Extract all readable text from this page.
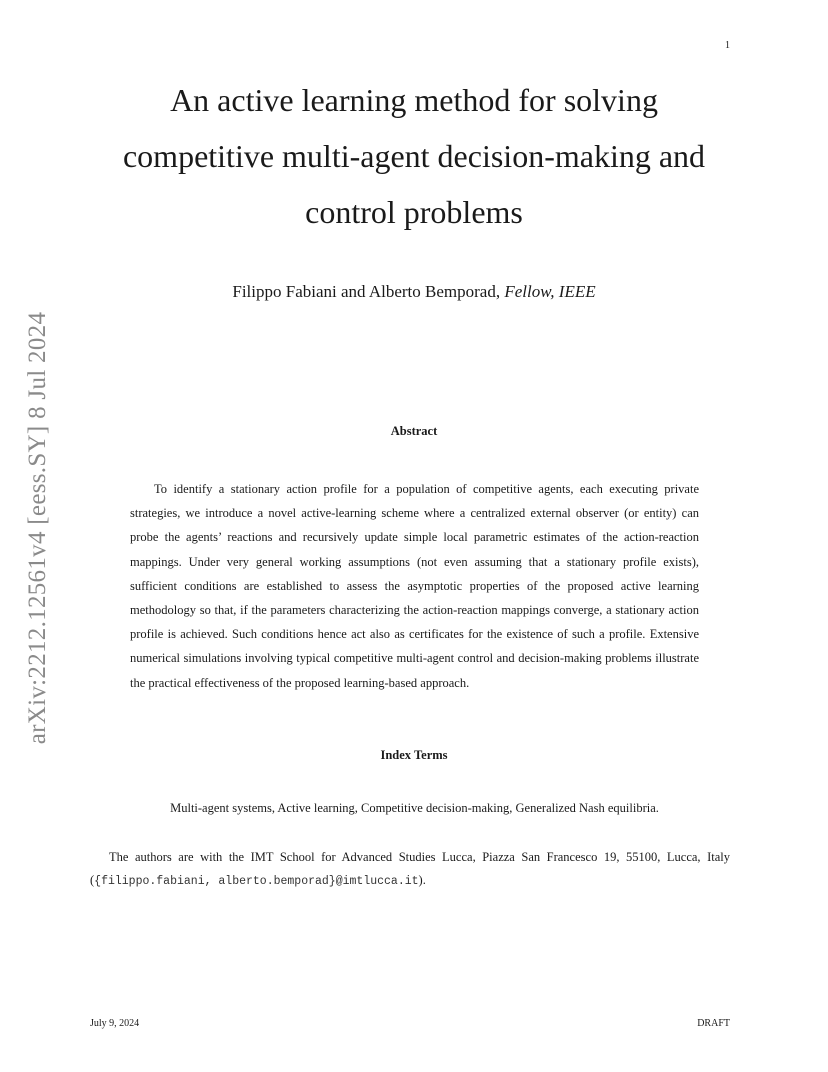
1
arXiv:2212.12561v4 [eess.SY] 8 Jul 2024
An active learning method for solving
competitive multi-agent decision-making and
control problems
Filippo Fabiani and Alberto Bemporad, Fellow, IEEE
Abstract
To identify a stationary action profile for a population of competitive agents, each executing private strategies, we introduce a novel active-learning scheme where a centralized external observer (or entity) can probe the agents’ reactions and recursively update simple local parametric estimates of the action-reaction mappings. Under very general working assumptions (not even assuming that a stationary profile exists), sufficient conditions are established to assess the asymptotic properties of the proposed active learning methodology so that, if the parameters characterizing the action-reaction mappings converge, a stationary action profile is achieved. Such conditions hence act also as certificates for the existence of such a profile. Extensive numerical simulations involving typical competitive multi-agent control and decision-making problems illustrate the practical effectiveness of the proposed learning-based approach.
Index Terms
Multi-agent systems, Active learning, Competitive decision-making, Generalized Nash equilibria.
The authors are with the IMT School for Advanced Studies Lucca, Piazza San Francesco 19, 55100, Lucca, Italy ({filippo.fabiani, alberto.bemporad}@imtlucca.it).
July 9, 2024	DRAFT
